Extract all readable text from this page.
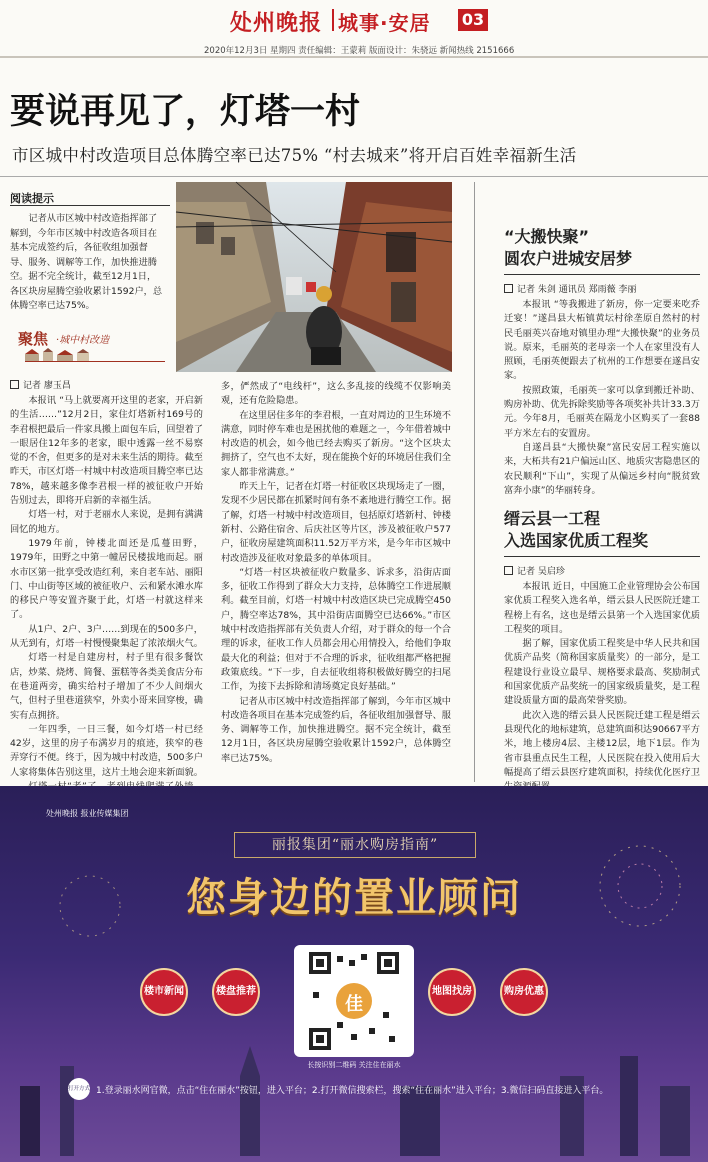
处州晚报 城事·安居 03
2020年12月3日 星期四 责任编辑：王蒙莉 版面设计：朱骁远 新闻热线 2151666
要说再见了，灯塔一村
市区城中村改造项目总体腾空率已达75% “村去城来”将开启百姓幸福新生活
阅读提示
记者从市区城中村改造指挥部了解到，今年市区城中村改造各项目在基本完成签约后，各征收组加强督导、服务、调解等工作，加快推进腾空。据不完全统计，截至12月1日，各区块房屋腾空验收累计1592户，总体腾空率已达75%。
聚焦 ·城中村改造
记者 廖玉昌

本报讯 “马上就要离开这里的老家，开启新的生活……”12月2日，家住灯塔新村169号的李君根把最后一件家具搬上面包车后，回望着了一眼居住12年多的老家，眼中透露一丝不易察觉的不舍，但更多的是对未来生活的期待。截至昨天，市区灯塔一村城中村改造项目腾空率已达78%，越来越多像李君根一样的被征收户开始告别过去，即将开启新的幸福生活。

灯塔一村，对于老丽水人来说，是拥有满满回忆的地方。

1979年前，钟楼北面还是瓜蔓田野，1979年，田野之中第一幢居民楼拔地而起。丽水市区第一批享受改造红利，来自老车站、丽阳门、中山街等区域的被征收户、云和紧水滩水库的移民户等安置齐聚于此，灯塔一村就这样来了。

从1户、2户、3户……到现在的500多户，从无到有，灯塔一村慢慢聚集起了浓浓烟火气。

灯塔一村是自建房村，村子里有很多餐饮店，炒菜、烧烤、简餐、蛋糕等各类美食店分布在巷道两旁，确实给村子增加了不少人间烟火气，但村子里巷道狭窄，外卖小哥来回穿梭，确实有点拥挤。

一年四季，一日三餐，如今灯塔一村已经42岁，这里的房子布满岁月的痕迹，狭窄的巷弄穿行不便。终于，因为城中村改造，500多户人家将集体告别这里，这片土地会迎来新面貌。

多，俨然成了“电线杆”，这么多乱接的线缆不仅影响美观，还有危险隐患。

在这里居住多年的李君根，一直对周边的卫生环境不满意，同时停车难也是困扰他的难题之一，今年借着城中村改造的机会，如今他已经去购买了新房。“这个区块太拥挤了，空气也不太好，现在能换个好的环境居住我们全家人都非常满意。”

昨天上午，记者在灯塔一村征收区块现场走了一圈，发现不少居民都在抓紧时间有条不紊地进行腾空工作。据了解，灯塔一村城中村改造项目，包括原灯塔新村、钟楼新村、公路住宿舍、后庆社区等片区，涉及被征收户577户，征收房屋建筑面积11.52万平方米，是今年市区城中村改造涉及征收对象最多的单体项目。

“灯塔一村区块被征收户数量多、诉求多，沿街店面多，征收工作得到了群众大力支持，总体腾空工作进展顺利。截至目前，灯塔一村城中村改造区块已完成腾空450户，腾空率达78%，其中沿街店面腾空已达66%。”市区城中村改造指挥部有关负责人介绍，对于群众的每一个合理的诉求，征收工作人员都会用心用情投入，给他们争取最大化的利益；但对于不合理的诉求，征收组都严格把握政策底线。“下一步，自去征收组将积极做好腾空的扫尾工作，为接下去拆除和清场奠定良好基础。”

记者从市区城中村改造指挥部了解到，今年市区城中村改造各项目在基本完成签约后，各征收组加强督导、服务、调解等工作，加快推进腾空。据不完全统计，截至12月1日，各区块房屋腾空验收累计1592户，总体腾空率已达75%。

“大搬快聚”
圆农户进城安居梦
记者 朱剑 通讯员 郑雨薇 李丽

本报讯 “等我搬进了新房，你一定要来吃乔迁宴！”遂昌县大柘镇黄坛村徐垄原自然村的村民毛丽英兴奋地对镇里办理“大搬快聚”的业务员说。原来，毛丽英的老母亲一个人在家里没有人照顾，毛丽英便跟去了杭州的工作想要在遂昌安家。

按照政策，毛丽英一家可以拿到搬迁补助、购房补助、优先拆除奖励等各项奖补共计33.3万元。今年8月，毛丽英在隔龙小区购买了一套88平方米左右的安置房。

自遂昌县“大搬快聚”富民安居工程实施以来，大柘共有21户偏远山区、地质灾害隐患区的农民顺利“下山”，实现了从偏远乡村向“脱贫致富奔小康”的华丽转身。

缙云县一工程
入选国家优质工程奖
记者 吴启珍

本报讯 近日，中国施工企业管理协会公布国家优质工程奖入选名单，缙云县人民医院迁建工程榜上有名，这也是缙云县第一个入选国家优质工程奖的项目。

据了解，国家优质工程奖是中华人民共和国优质产品奖（简称国家质量奖）的一部分，是工程建设行业设立最早、规格要求最高、奖励制式和国家优质产品奖统一的国家级质量奖，是工程建设质量方面的最高荣誉奖励。

此次入选的缙云县人民医院迁建工程是缙云县现代化的地标建筑，总建筑面积达90667平方米，地上楼房4层、主楼12层，地下1层。作为省市县重点民生工程，人民医院在投入使用后大幅提高了缙云县医疗建筑面积，持续优化医疗卫

处州晚报 报业传媒集团
丽报集团“丽水购房指南”
您身边的置业顾问
楼市新闻	楼盘推荐	地图找房	购房优惠
佳
长按识别二维码 关注住在丽水
打开方式 1.登录丽水网官微，点击“住在丽水”按钮，进入平台；2.打开微信搜索栏，搜索“住在丽水”进入平台；3.微信扫码直接进入平台。
